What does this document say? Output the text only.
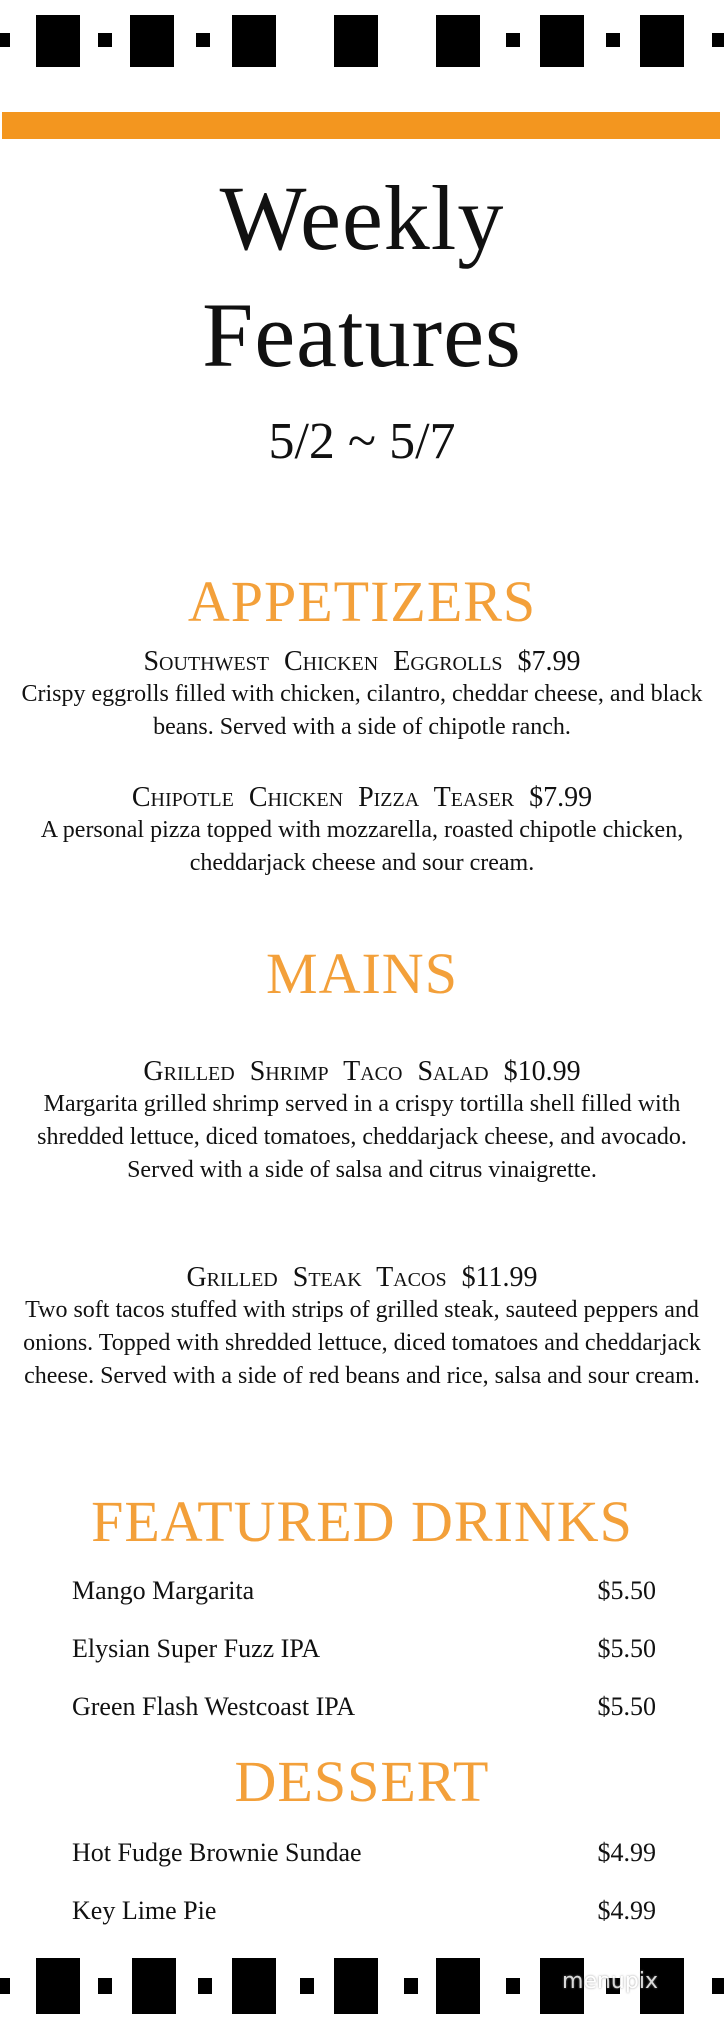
Weekly
Features
5/2 ~ 5/7
APPETIZERS
Southwest Chicken Eggrolls $7.99
Crispy eggrolls filled with chicken, cilantro, cheddar cheese, and black beans. Served with a side of chipotle ranch.
Chipotle Chicken Pizza Teaser $7.99
A personal pizza topped with mozzarella, roasted chipotle chicken, cheddarjack cheese and sour cream.
MAINS
Grilled Shrimp Taco Salad $10.99
Margarita grilled shrimp served in a crispy tortilla shell filled with shredded lettuce, diced tomatoes, cheddarjack cheese, and avocado. Served with a side of salsa and citrus vinaigrette.
Grilled Steak Tacos $11.99
Two soft tacos stuffed with strips of grilled steak, sauteed peppers and onions. Topped with shredded lettuce, diced tomatoes and cheddarjack cheese. Served with a side of red beans and rice, salsa and sour cream.
FEATURED DRINKS
Mango Margarita	$5.50
Elysian Super Fuzz IPA	$5.50
Green Flash Westcoast IPA	$5.50
DESSERT
Hot Fudge Brownie Sundae	$4.99
Key Lime Pie	$4.99
menupix
